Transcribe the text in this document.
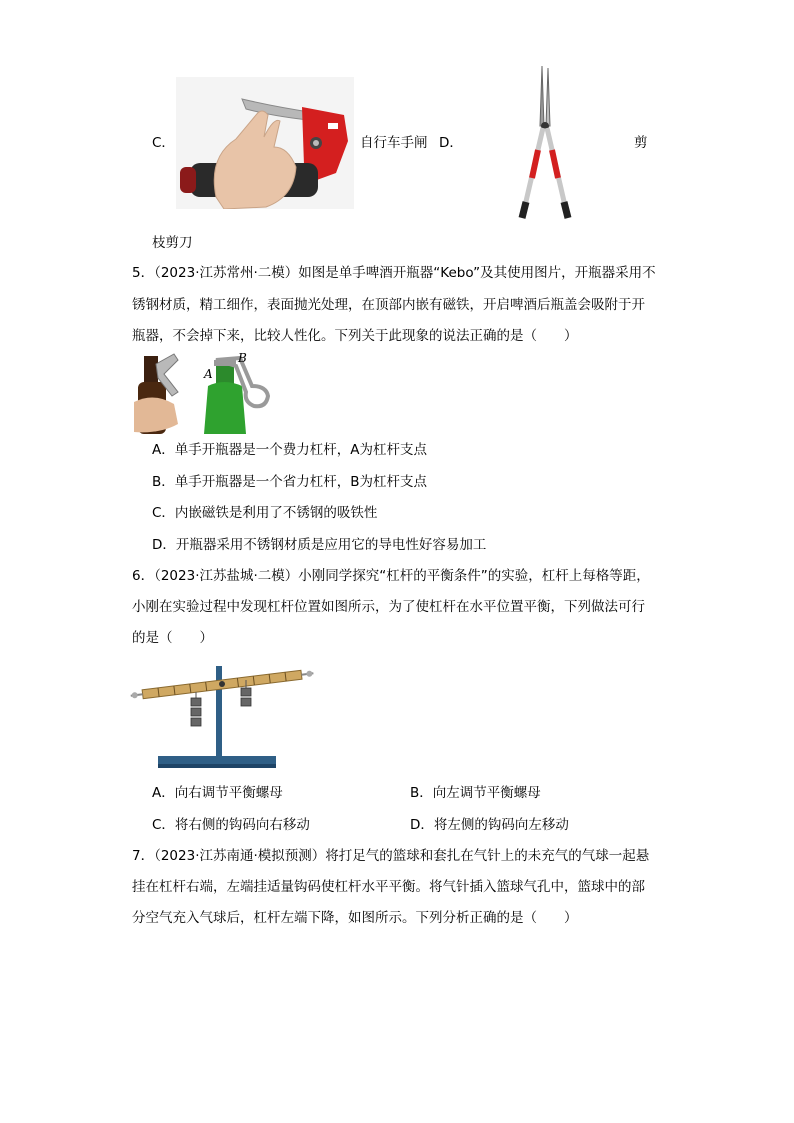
C．	自行车手闸 D．	剪
枝剪刀
5．（2023·江苏常州·二模）如图是单手啤酒开瓶器“Kebo”及其使用图片，开瓶器采用不
锈钢材质，精工细作，表面抛光处理，在顶部内嵌有磁铁，开启啤酒后瓶盖会吸附于开
瓶器，不会掉下来，比较人性化。下列关于此现象的说法正确的是（　　）
A
B
A．单手开瓶器是一个费力杠杆，A为杠杆支点
B．单手开瓶器是一个省力杠杆，B为杠杆支点
C．内嵌磁铁是利用了不锈钢的吸铁性
D．开瓶器采用不锈钢材质是应用它的导电性好容易加工
6．（2023·江苏盐城·二模）小刚同学探究“杠杆的平衡条件”的实验，杠杆上每格等距，
小刚在实验过程中发现杠杆位置如图所示，为了使杠杆在水平位置平衡，下列做法可行
的是（　　）
A．向右调节平衡螺母	B．向左调节平衡螺母
C．将右侧的钩码向右移动	D．将左侧的钩码向左移动
7．（2023·江苏南通·模拟预测）将打足气的篮球和套扎在气针上的未充气的气球一起悬
挂在杠杆右端，左端挂适量钩码使杠杆水平平衡。将气针插入篮球气孔中，篮球中的部
分空气充入气球后，杠杆左端下降，如图所示。下列分析正确的是（　　）
